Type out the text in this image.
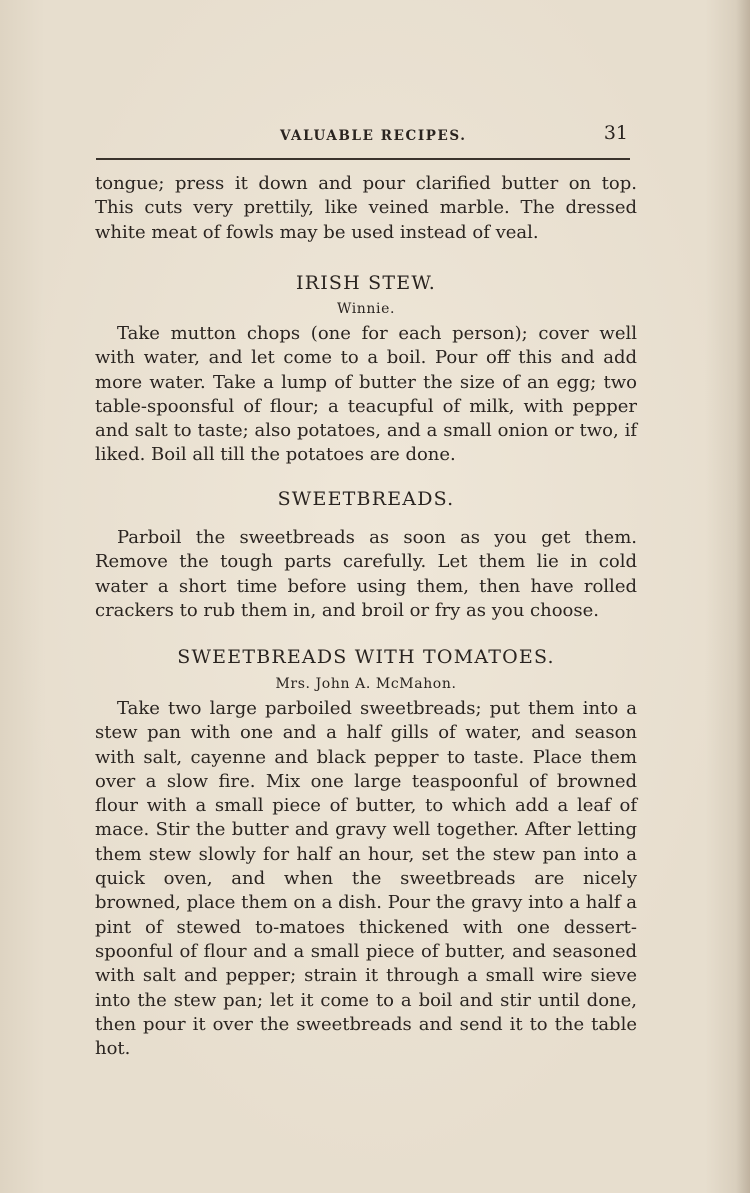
VALUABLE RECIPES.	31

tongue; press it down and pour clarified butter on top. This cuts very prettily, like veined marble. The dressed white meat of fowls may be used instead of veal.

IRISH STEW.
Winnie.

Take mutton chops (one for each person); cover well with water, and let come to a boil. Pour off this and add more water. Take a lump of butter the size of an egg; two table-spoonsful of flour; a teacupful of milk, with pepper and salt to taste; also potatoes, and a small onion or two, if liked. Boil all till the potatoes are done.

SWEETBREADS.

Parboil the sweetbreads as soon as you get them. Remove the tough parts carefully. Let them lie in cold water a short time before using them, then have rolled crackers to rub them in, and broil or fry as you choose.

SWEETBREADS WITH TOMATOES.
Mrs. John A. McMahon.

Take two large parboiled sweetbreads; put them into a stew pan with one and a half gills of water, and season with salt, cayenne and black pepper to taste. Place them over a slow fire. Mix one large teaspoonful of browned flour with a small piece of butter, to which add a leaf of mace. Stir the butter and gravy well together. After letting them stew slowly for half an hour, set the stew pan into a quick oven, and when the sweetbreads are nicely browned, place them on a dish. Pour the gravy into a half a pint of stewed to-matoes thickened with one dessert-spoonful of flour and a small piece of butter, and seasoned with salt and pepper; strain it through a small wire sieve into the stew pan; let it come to a boil and stir until done, then pour it over the sweetbreads and send it to the table hot.
